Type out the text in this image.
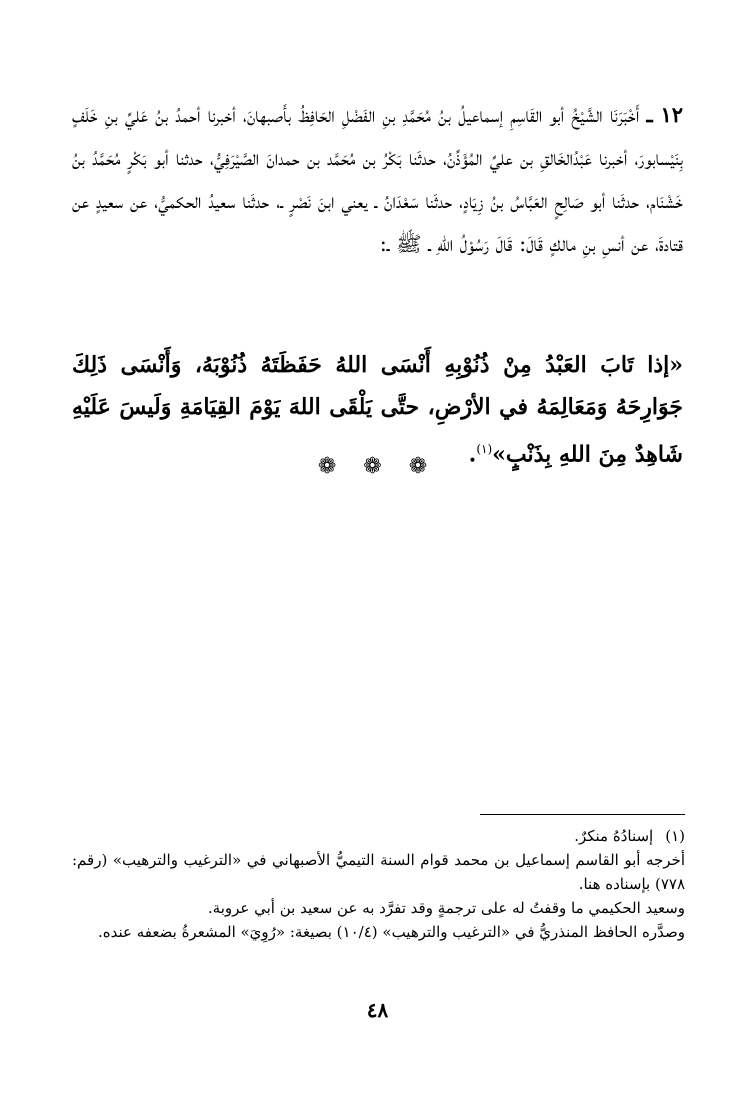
١٢ ـ أَخْبَرَنَا الشَّيْخُ أبو القَاسِمِ إسماعيلُ بنُ مُحَمَّدِ بنِ الفَضْلِ الحَافِظُ بأَصبهانَ، أخبرنا أحمدُ بنُ عَليِّ بنِ خَلَفٍ بِنَيْسابورَ، أخبرنا عَبْدُالخَالقِ بن عليِّ المُؤَذِّنُ، حدثَنا بَكْرُ بن مُحَمَّد بن حمدانَ الصَّيْرَفِيُّ، حدثنا أبو بَكْرٍ مُحَمَّدُ بنُ خَشْنَام، حدثَنا أبو صَالِحٍ العَبَّاسُ بنُ زِيَادٍ، حدثَنا سَعْدَانُ ـ يعني ابنَ نَصْرٍ ـ، حدثَنا سعيدُ الحكميُّ، عن سعيدٍ عن قتادةَ، عن أنسِ بنِ مالكٍ قَالَ: قَالَ رَسُوْلُ اللهِ ـ ﷺ ـ:

«إذا تَابَ العَبْدُ مِنْ ذُنُوْبِهِ أَنْسَى اللهُ حَفَظَتَهُ ذُنُوْبَهُ، وَأَنْسَى ذَلِكَ جَوَارِحَهُ وَمَعَالِمَهُ في الأرْضِ، حتَّى يَلْقَى اللهَ يَوْمَ القِيَامَةِ وَلَيسَ عَلَيْهِ شَاهِدٌ مِنَ اللهِ بِذَنْبٍ»$^{(١)}$.

❁ ❁ ❁

(١)إسنادُهُ منكرٌ.

أخرجه أبو القاسم إسماعيل بن محمد قوام السنة التيميُّ الأصبهاني في «الترغيب والترهيب» (رقم: ٧٧٨) بإسناده هنا.

وسعيد الحكيمي ما وقفتُ له على ترجمةٍ وقد تفرَّد به عن سعيد بن أبي عروبة.

وصدَّره الحافظ المنذريُّ في «الترغيب والترهيب» (١٠/٤) بصيغة: «رُوِيَ» المشعرةُ بضعفه عنده.

٤٨
